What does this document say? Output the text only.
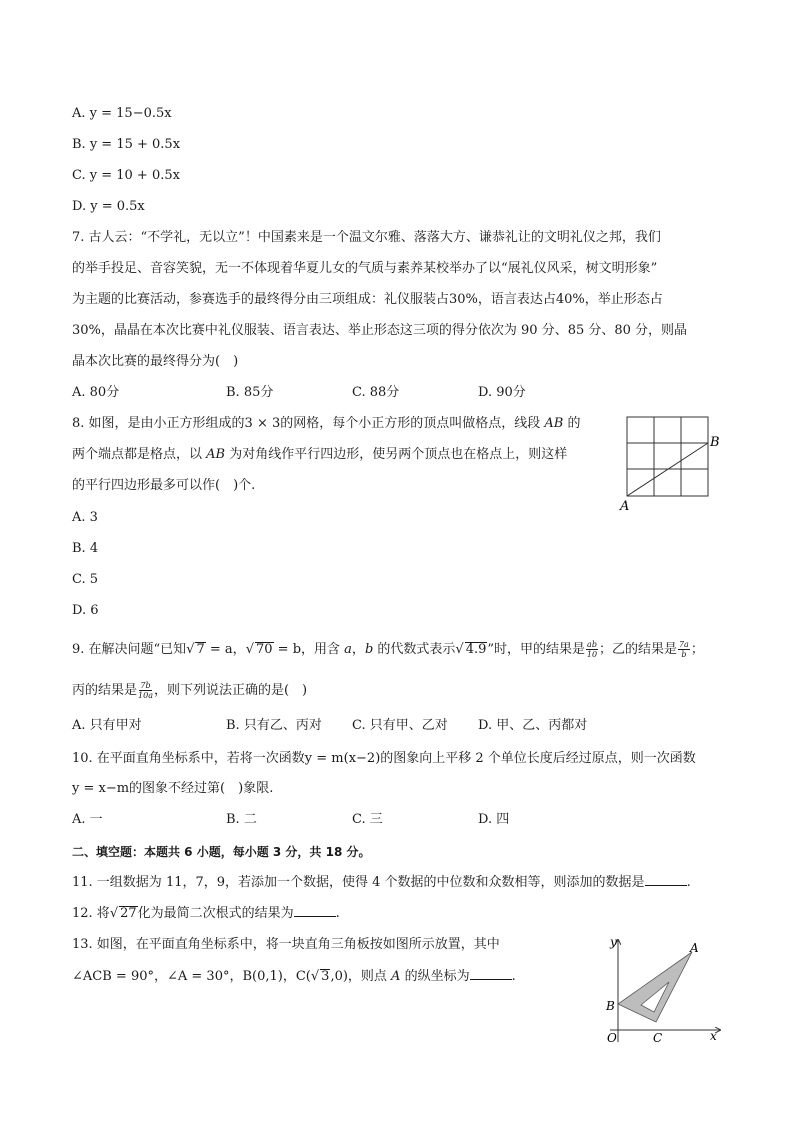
A. y = 15−0.5x
B. y = 15 + 0.5x
C. y = 10 + 0.5x
D. y = 0.5x
7. 古人云：“不学礼，无以立”！中国素来是一个温文尔雅、落落大方、谦恭礼让的文明礼仪之邦，我们
的举手投足、音容笑貌，无一不体现着华夏儿女的气质与素养某校举办了以“展礼仪风采，树文明形象”
为主题的比赛活动，参赛选手的最终得分由三项组成：礼仪服装占30%，语言表达占40%，举止形态占
30%，晶晶在本次比赛中礼仪服装、语言表达、举止形态这三项的得分依次为 90 分、85 分、80 分，则晶
晶本次比赛的最终得分为(　)
A. 80分	B. 85分	C. 88分	D. 90分
8. 如图，是由小正方形组成的3 × 3的网格，每个小正方形的顶点叫做格点，线段 AB 的
两个端点都是格点，以 AB 为对角线作平行四边形，使另两个顶点也在格点上，则这样
的平行四边形最多可以作(　)个.
A. 3
B. 4
C. 5
D. 6
A
B
9. 在解决问题“已知√ 7 = a，√ 70 = b，用含 a，b 的代数式表示√ 4.9”时，甲的结果是 $\frac{ab}{10}$ ；乙的结果是 $\frac{7a}{b}$ ；
丙的结果是 $\frac{7b}{10a}$ ，则下列说法正确的是(　)
A. 只有甲对	B. 只有乙、丙对 C. 只有甲、乙对 D. 甲、乙、丙都对
10. 在平面直角坐标系中，若将一次函数y = m(x−2)的图象向上平移 2 个单位长度后经过原点，则一次函数
y = x−m的图象不经过第(　)象限.
A. 一	B. 二	C. 三	D. 四
二、填空题：本题共 6 小题，每小题 3 分，共 18 分。
11. 一组数据为 11，7，9，若添加一个数据，使得 4 个数据的中位数和众数相等，则添加的数据是	.
12. 将√ 27化为最简二次根式的结果为	.
13. 如图，在平面直角坐标系中，将一块直角三角板按如图所示放置，其中
∠ACB = 90°，∠A = 30°，B(0,1)，C(√ 3,0)，则点 A 的纵坐标为	.
y
x
O
A
B
C
